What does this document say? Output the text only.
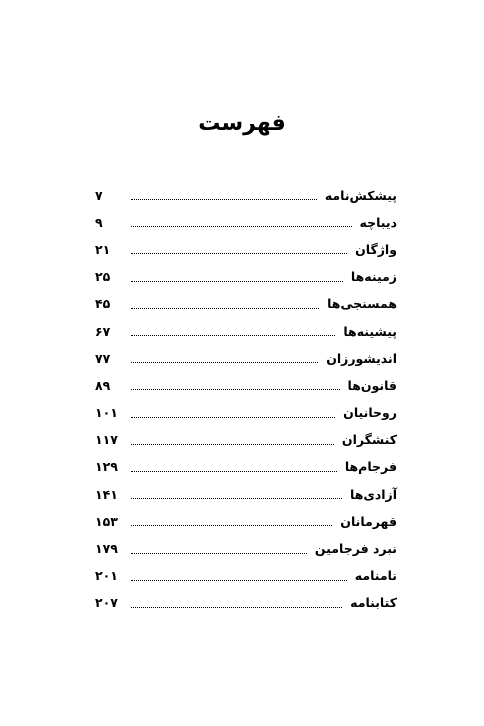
فهرست
پیشکش‌نامه
۷
دیباچه
۹
واژگان
۲۱
زمینه‌ها
۲۵
همسنجی‌ها
۴۵
پیشینه‌ها
۶۷
اندیشورزان
۷۷
قانون‌ها
۸۹
روحانیان
۱۰۱
کنشگران
۱۱۷
فرجام‌ها
۱۲۹
آزادی‌ها
۱۴۱
قهرمانان
۱۵۳
نبرد فرجامین
۱۷۹
نامنامه
۲۰۱
کتابنامه
۲۰۷
